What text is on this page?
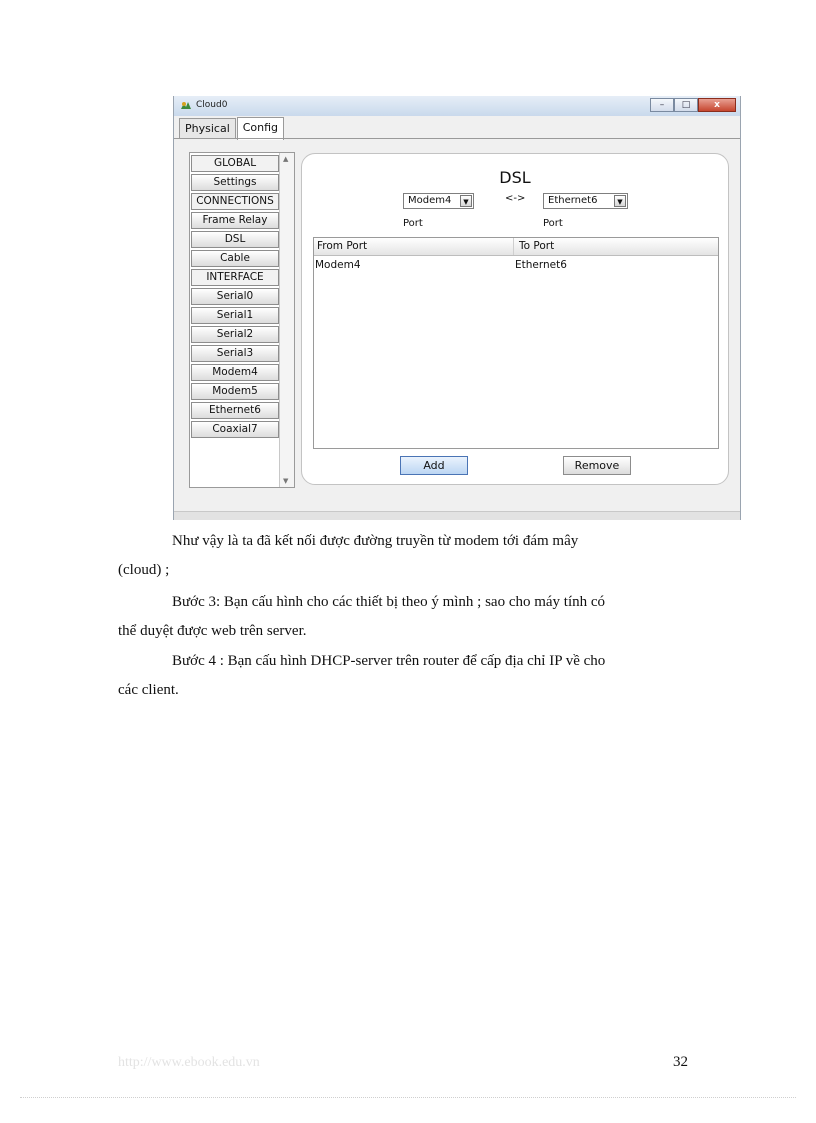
Cloud0	–	□	x
Physical	Config
GLOBAL
Settings
CONNECTIONS
Frame Relay
DSL
Cable
INTERFACE
Serial0
Serial1
Serial2
Serial3
Modem4
Modem5
Ethernet6
Coaxial7
▲
▼
DSL
Modem4	▼	<->	Ethernet6	▼
Port	Port
From Port	To Port
Modem4	Ethernet6
Add	Remove

Như vậy là ta đã kết nối được đường truyền từ modem tới đám mây
(cloud) ;

Bước 3: Bạn cấu hình cho các thiết bị theo ý mình ; sao cho máy tính có
thể duyệt được web trên server.

Bước 4 : Bạn cấu hình DHCP-server trên router để cấp địa chỉ IP về cho
các client.

http://www.ebook.edu.vn	32
